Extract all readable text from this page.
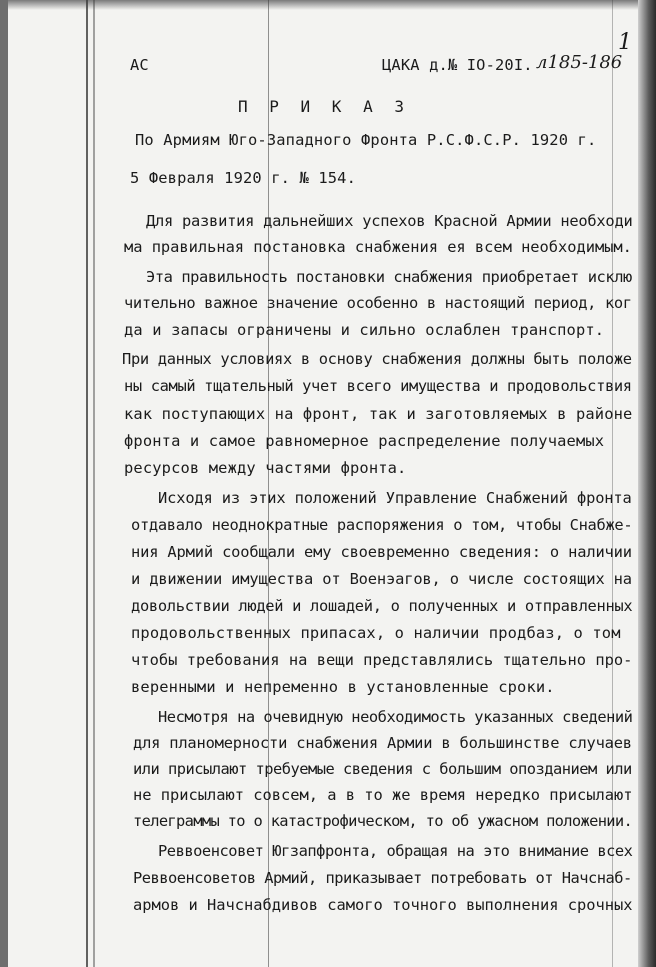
АС	ЦАКА д.№ IO-20I. л185-186
1
П Р И К А З
По Армиям Юго-Западного Фронта Р.С.Ф.С.Р. 1920 г.
5 Февраля 1920 г. № 154.
Для развития дальнейших успехов Красной Армии необходи
ма правильная постановка снабжения ея всем необходимым.
Эта правильность постановки снабжения приобретает исклю
чительно важное значение особенно в настоящий период, ког
да и запасы ограничены и сильно ослаблен транспорт.
При данных условиях в основу снабжения должны быть положе
ны самый тщательный учет всего имущества и продовольствия
как поступающих на фронт, так и заготовляемых в районе
фронта и самое равномерное распределение получаемых
ресурсов между частями фронта.
Исходя из этих положений Управление Снабжений фронта
отдавало неоднократные распоряжения о том, чтобы Снабже-
ния Армий сообщали ему своевременно сведения: о наличии
и движении имущества от Военэагов, о числе состоящих на
довольствии людей и лошадей, о полученных и отправленных
продовольственных припасах, о наличии продбаз, о том
чтобы требования на вещи представлялись тщательно про-
веренными и непременно в установленные сроки.
Несмотря на очевидную необходимость указанных сведений
для планомерности снабжения Армии в большинстве случаев
или присылают требуемые сведения с большим опозданием или
не присылают совсем, а в то же время нередко присылают
телеграммы то о катастрофическом, то об ужасном положении.
Реввоенсовет Югзапфронта, обращая на это внимание всех
Реввоенсоветов Армий, приказывает потребовать от Начснаб-
армов и Начснабдивов самого точного выполнения срочных
